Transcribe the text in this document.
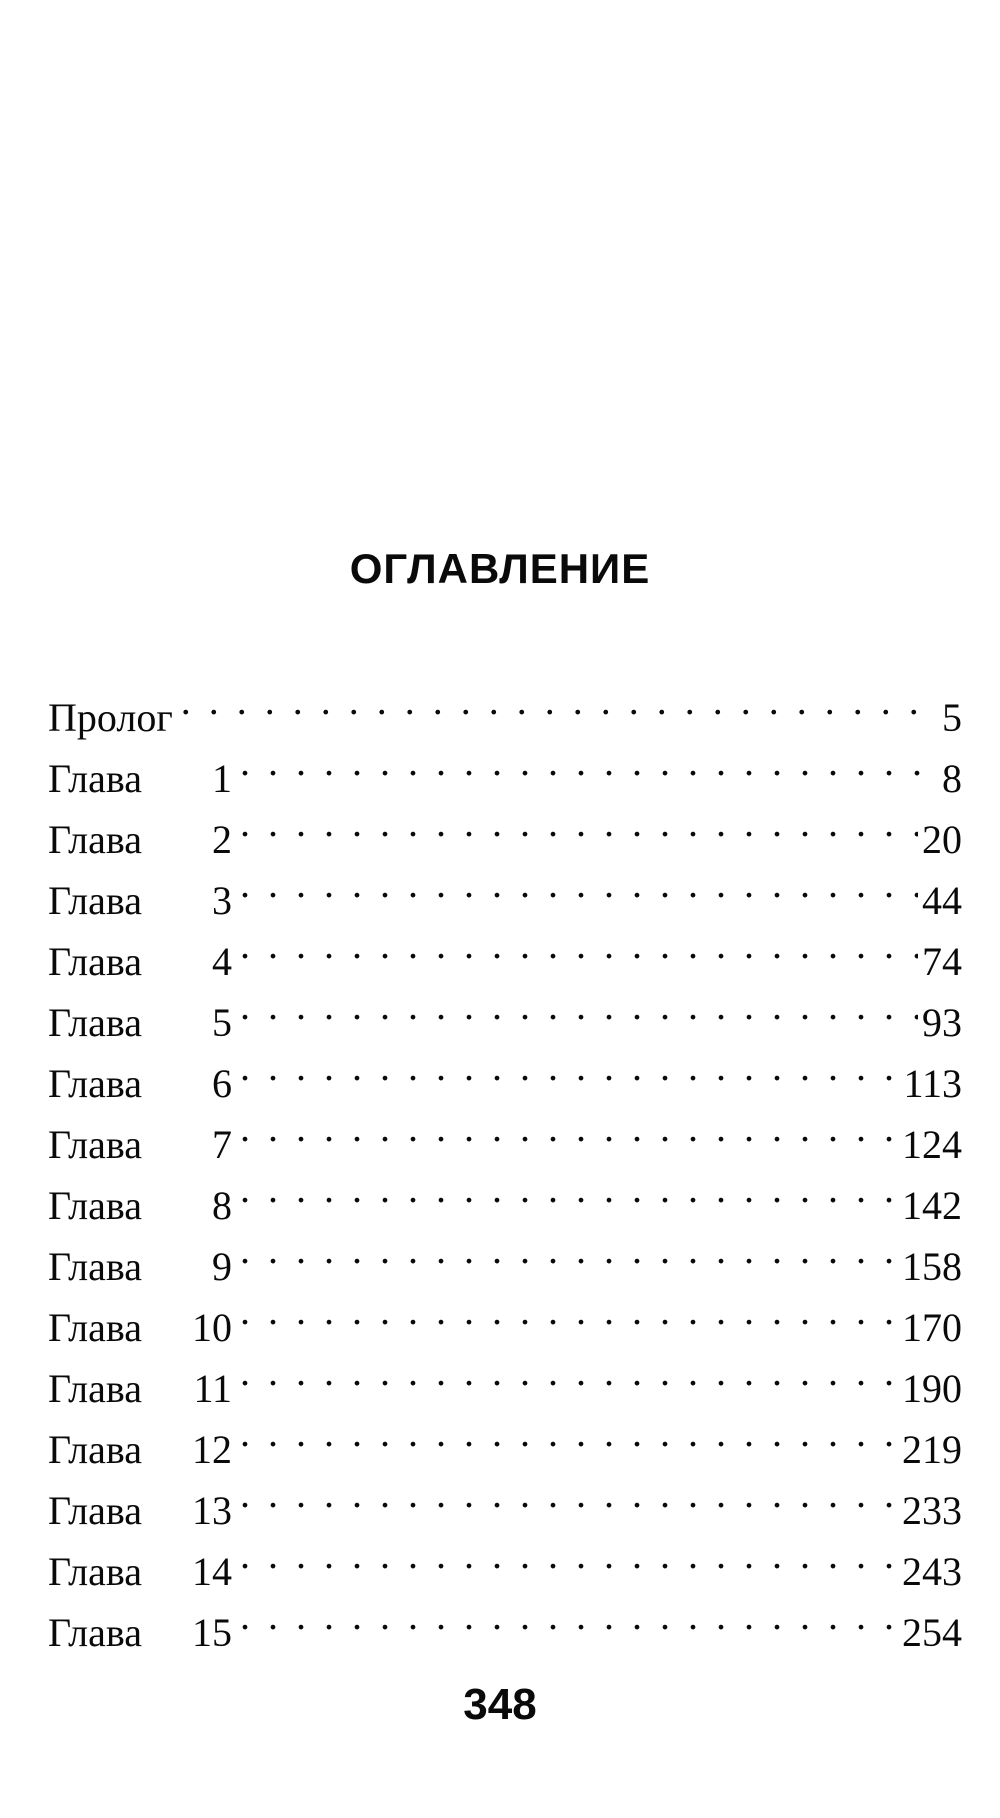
ОГЛАВЛЕНИЕ
Пролог . . .	5
Глава	1 . . .	8
Глава	2 . . .	20
Глава	3 . . .	44
Глава	4 . . .	74
Глава	5 . . .	93
Глава	6 . . .	113
Глава	7 . . .	124
Глава	8 . . .	142
Глава	9 . . .	158
Глава	10 . . .	170
Глава	11 . . .	190
Глава	12 . . .	219
Глава	13 . . .	233
Глава	14 . . .	243
Глава	15 . . .	254
348
